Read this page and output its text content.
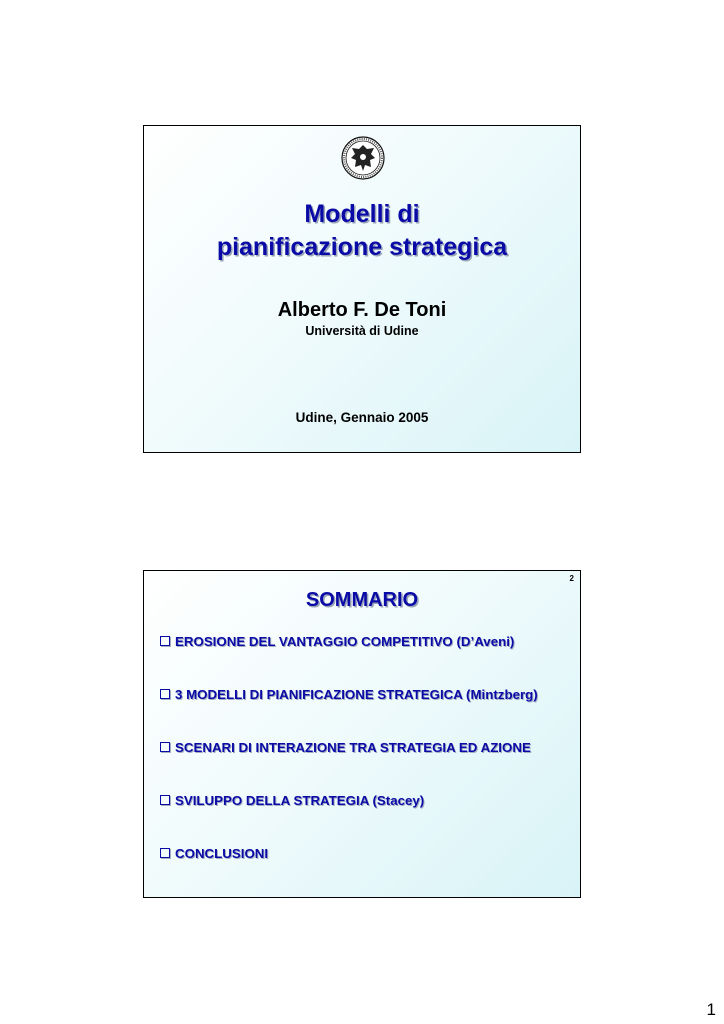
Modelli di
pianificazione strategica
Alberto F. De Toni
Università di Udine
Udine, Gennaio 2005
2
SOMMARIO
EROSIONE DEL VANTAGGIO COMPETITIVO (D’Aveni)
3 MODELLI DI PIANIFICAZIONE STRATEGICA (Mintzberg)
SCENARI DI INTERAZIONE TRA STRATEGIA ED AZIONE
SVILUPPO DELLA STRATEGIA (Stacey)
CONCLUSIONI
1
